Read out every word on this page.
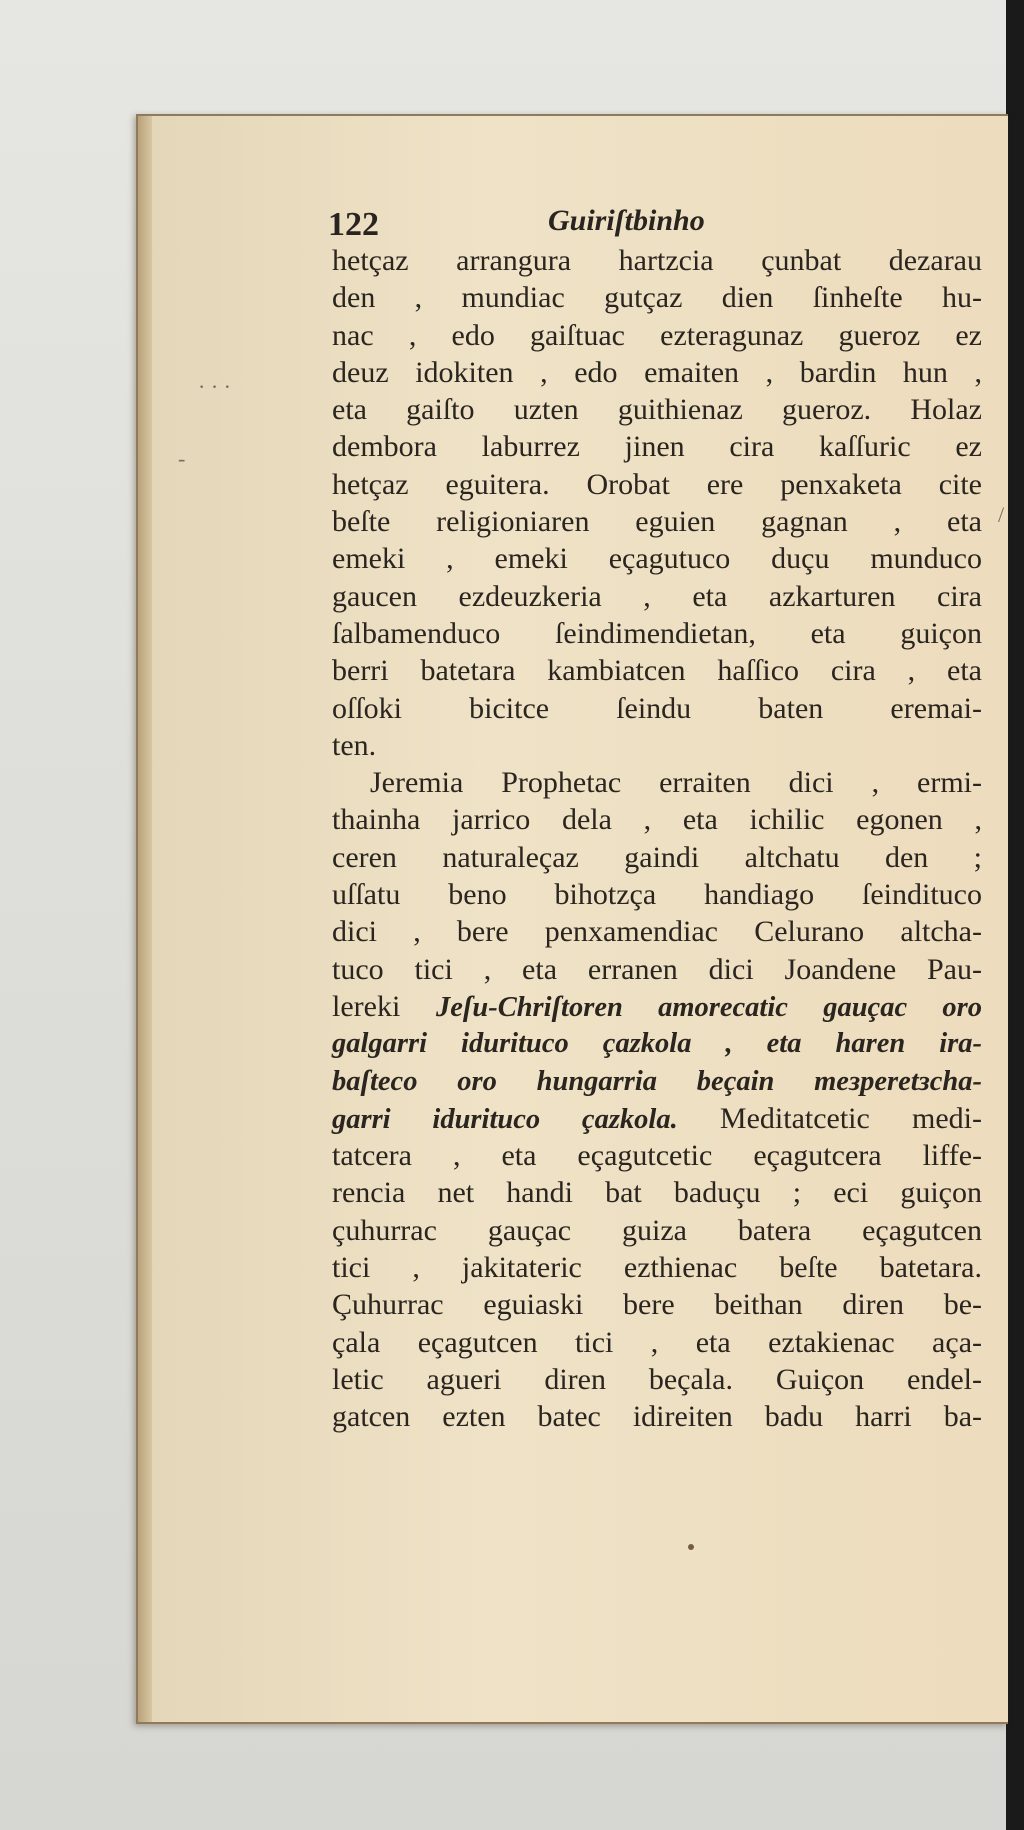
122	Guiriſtbinho
· · ·
-
/
hetçaz arrangura hartzcia çunbat dezarau
den , mundiac gutçaz dien ſinheſte hu-
nac , edo gaiſtuac ezteragunaz gueroz ez
deuz idokiten , edo emaiten , bardin hun ,
eta gaiſto uzten guithienaz gueroz. Holaz
dembora laburrez jinen cira kaſſuric ez
hetçaz eguitera. Orobat ere penxaketa cite
beſte religioniaren eguien gagnan , eta
emeki , emeki eçagutuco duçu munduco
gaucen ezdeuzkeria , eta azkarturen cira
ſalbamenduco ſeindimendietan, eta guiçon
berri batetara kambiatcen haſſico cira , eta
oſſoki bicitce ſeindu baten eremai-
ten.
Jeremia Prophetac erraiten dici , ermi-
thainha jarrico dela , eta ichilic egonen ,
ceren naturaleçaz gaindi altchatu den ;
uſſatu beno bihotzça handiago ſeindituco
dici , bere penxamendiac Celurano altcha-
tuco tici , eta erranen dici Joandene Pau-
lereki Jeſu-Chriſtoren amorecatic gauçac oro
galgarri idurituco çazkola , eta haren ira-
baſteco oro hungarria beçain meзperetзcha-
garri idurituco çazkola. Meditatcetic medi-
tatcera , eta eçagutcetic eçagutcera liffe-
rencia net handi bat baduçu ; eci guiçon
çuhurrac gauçac guiza batera eçagutcen
tici , jakitateric ezthienac beſte batetara.
Çuhurrac eguiaski bere beithan diren be-
çala eçagutcen tici , eta eztakienac aça-
letic agueri diren beçala. Guiçon endel-
gatcen ezten batec idireiten badu harri ba-
